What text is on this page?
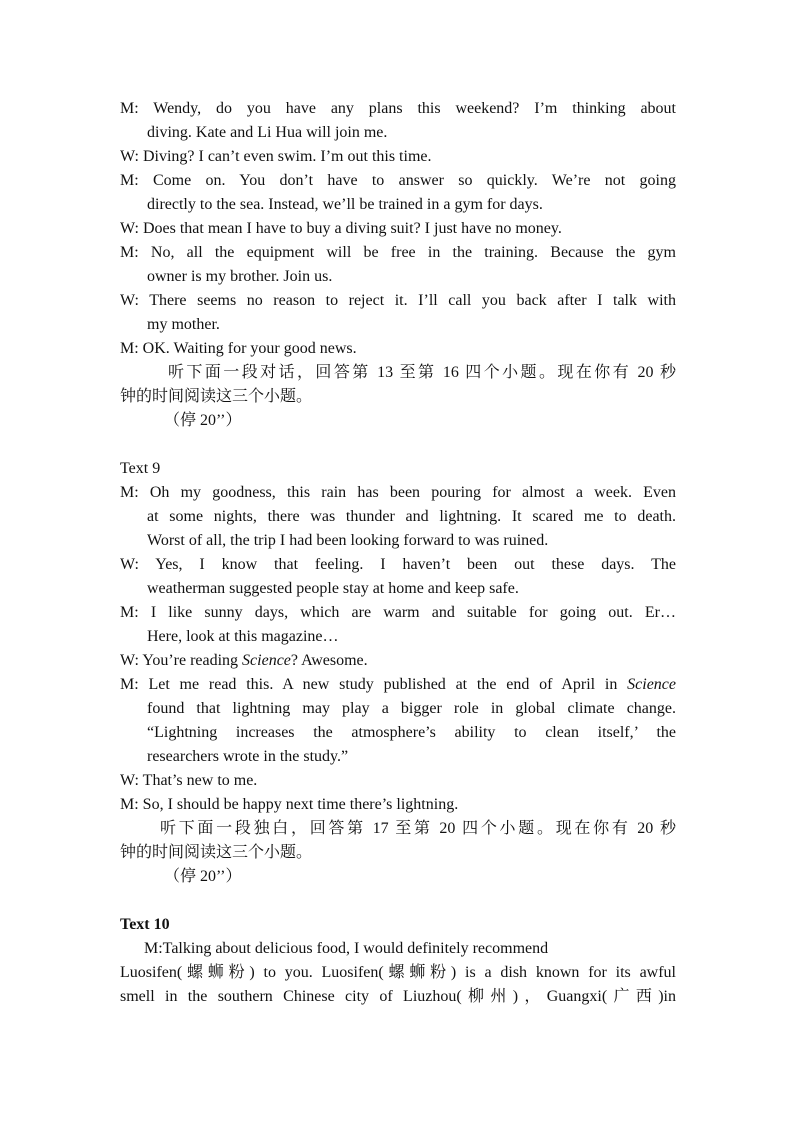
M: Wendy, do you have any plans this weekend? I’m thinking about
diving. Kate and Li Hua will join me.
W: Diving? I can’t even swim. I’m out this time.
M: Come on. You don’t have to answer so quickly. We’re not going
directly to the sea. Instead, we’ll be trained in a gym for days.
W: Does that mean I have to buy a diving suit? I just have no money.
M: No, all the equipment will be free in the training. Because the gym
owner is my brother. Join us.
W: There seems no reason to reject it. I’ll call you back after I talk with
my mother.
M: OK. Waiting for your good news.
听下面一段对话，回答第 13 至第 16 四个小题。现在你有 20 秒
钟的时间阅读这三个小题。
（停 20’’）
Text 9
M: Oh my goodness, this rain has been pouring for almost a week. Even
at some nights, there was thunder and lightning. It scared me to death.
Worst of all, the trip I had been looking forward to was ruined.
W: Yes, I know that feeling. I haven’t been out these days. The
weatherman suggested people stay at home and keep safe.
M: I like sunny days, which are warm and suitable for going out. Er…
Here, look at this magazine…
W: You’re reading Science? Awesome.
M: Let me read this. A new study published at the end of April in Science
found that lightning may play a bigger role in global climate change.
“Lightning increases the atmosphere’s ability to clean itself,’ the
researchers wrote in the study.”
W: That’s new to me.
M: So, I should be happy next time there’s lightning.
听下面一段独白，回答第 17 至第 20 四个小题。现在你有 20 秒
钟的时间阅读这三个小题。
（停 20’’）
Text 10
M:Talking about delicious food, I would definitely recommend
Luosifen(螺蛳粉) to you. Luosifen(螺蛳粉) is a dish known for its awful
smell in the southern Chinese city of Liuzhou(柳州)，Guangxi(广西)in
